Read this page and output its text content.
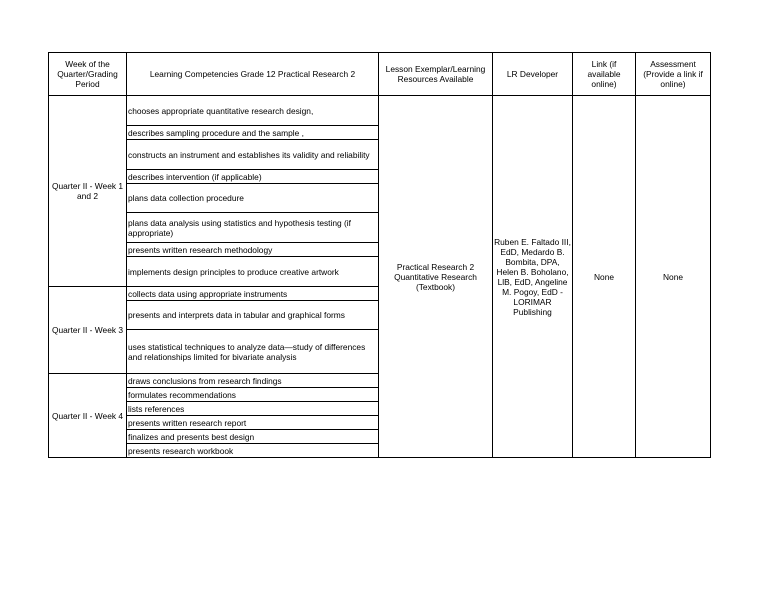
Week of the Quarter/Grading Period	Learning Competencies Grade 12 Practical Research 2	Lesson Exemplar/Learning Resources Available	LR Developer	Link (if available online)	Assessment (Provide a link if online)
Quarter II - Week 1 and 2	chooses appropriate quantitative research design,	Practical Research 2 Quantitative Research (Textbook)	Ruben E. Faltado III, EdD, Medardo B. Bombita, DPA, Helen B. Boholano, LlB, EdD, Angeline M. Pogoy, EdD - LORIMAR Publishing	None	None
	describes sampling procedure and the sample ,				
	constructs an instrument and establishes its validity and reliability				
	describes intervention (if applicable)				
	plans data collection procedure				
	plans data analysis using statistics and hypothesis testing (if appropriate)				
	presents written research methodology				
	implements design principles to produce creative artwork				
Quarter II - Week 3	collects data using appropriate instruments				
	presents and interprets data in tabular and graphical forms				
	uses statistical techniques to analyze data—study of differences and relationships limited for bivariate analysis				
Quarter II - Week 4	draws conclusions from research findings				
	formulates recommendations				
	lists references				
	presents written research report				
	finalizes and presents best design				
	presents research workbook				
